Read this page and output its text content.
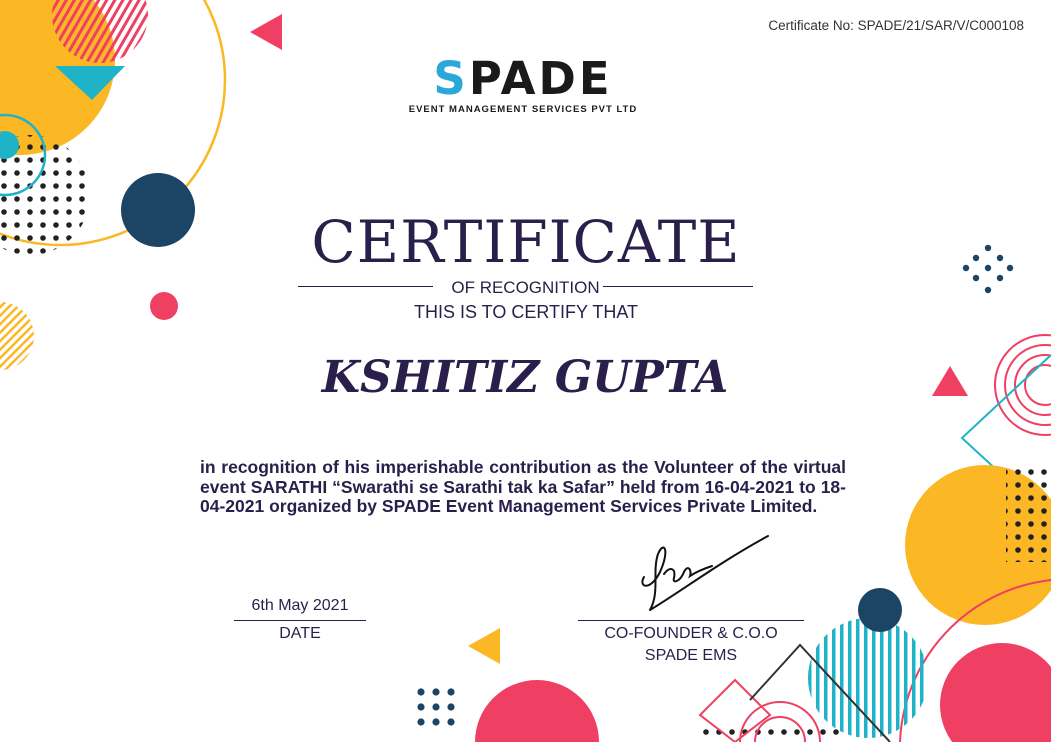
Certificate No: SPADE/21/SAR/V/C000108
SPADE
EVENT MANAGEMENT SERVICES PVT LTD
CERTIFICATE
OF RECOGNITION
THIS IS TO CERTIFY THAT
KSHITIZ GUPTA
in recognition of his imperishable contribution as the Volunteer of the virtual event SARATHI “Swarathi se Sarathi tak ka Safar” held from 16-04-2021 to 18-04-2021 organized by SPADE Event Management Services Private Limited.
6th May 2021
DATE	CO-FOUNDER & C.O.O
SPADE EMS
